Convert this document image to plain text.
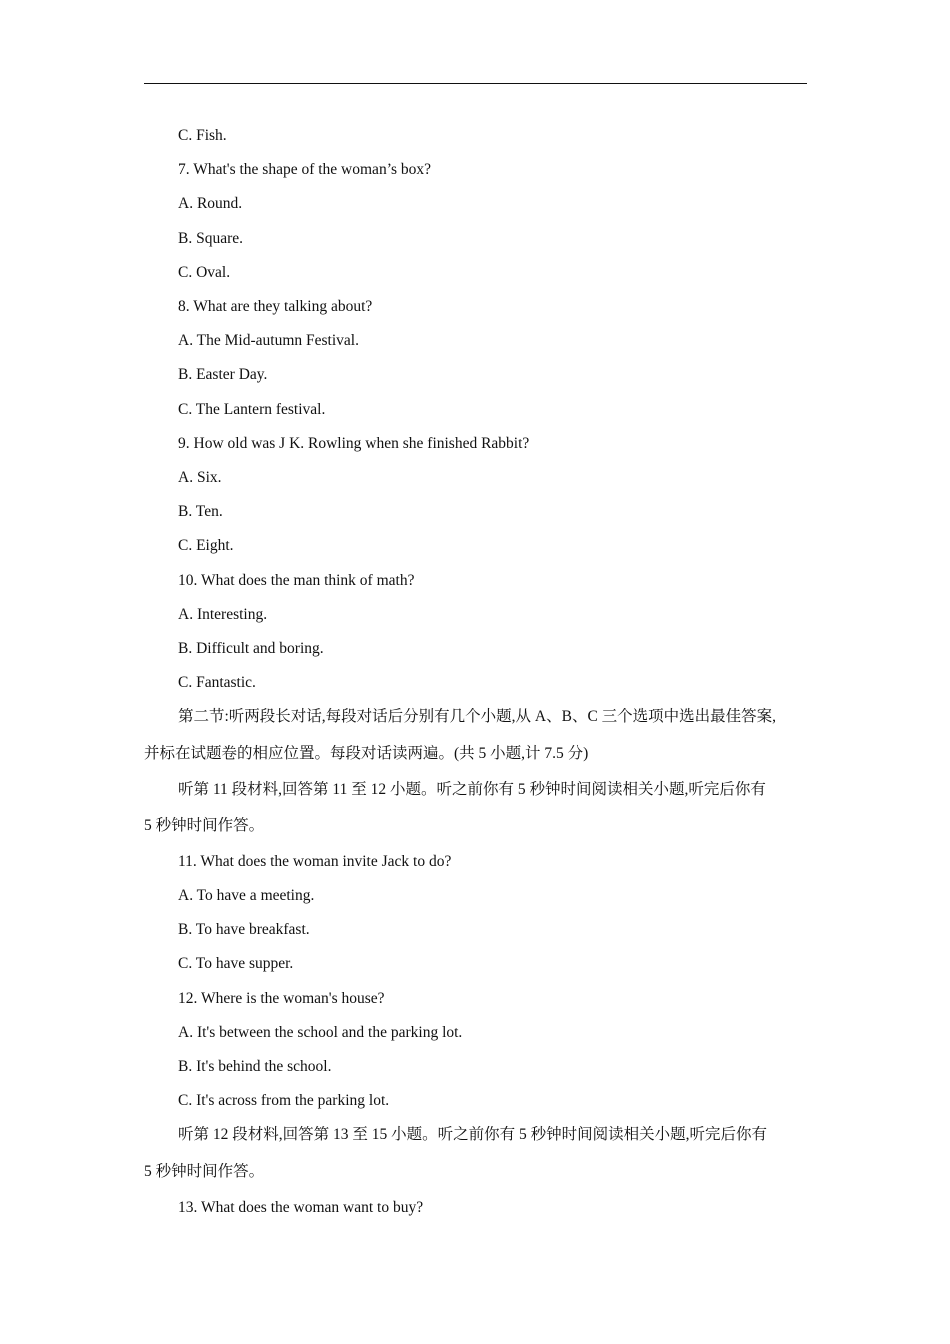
C. Fish.
7. What's the shape of the woman’s box?
A. Round.
B. Square.
C. Oval.
8. What are they talking about?
A. The Mid-autumn Festival.
B. Easter Day.
C. The Lantern festival.
9. How old was J K. Rowling when she finished Rabbit?
A. Six.
B. Ten.
C. Eight.
10. What does the man think of math?
A. Interesting.
B. Difficult and boring.
C. Fantastic.
第二节:听两段长对话,每段对话后分别有几个小题,从 A、B、C 三个选项中选出最佳答案,
并标在试题卷的相应位置。每段对话读两遍。(共 5 小题,计 7.5 分)
听第 11 段材料,回答第 11 至 12 小题。听之前你有 5 秒钟时间阅读相关小题,听完后你有
5 秒钟时间作答。
11. What does the woman invite Jack to do?
A. To have a meeting.
B. To have breakfast.
C. To have supper.
12. Where is the woman's house?
A. It's between the school and the parking lot.
B. It's behind the school.
C. It's across from the parking lot.
听第 12 段材料,回答第 13 至 15 小题。听之前你有 5 秒钟时间阅读相关小题,听完后你有
5 秒钟时间作答。
13. What does the woman want to buy?
